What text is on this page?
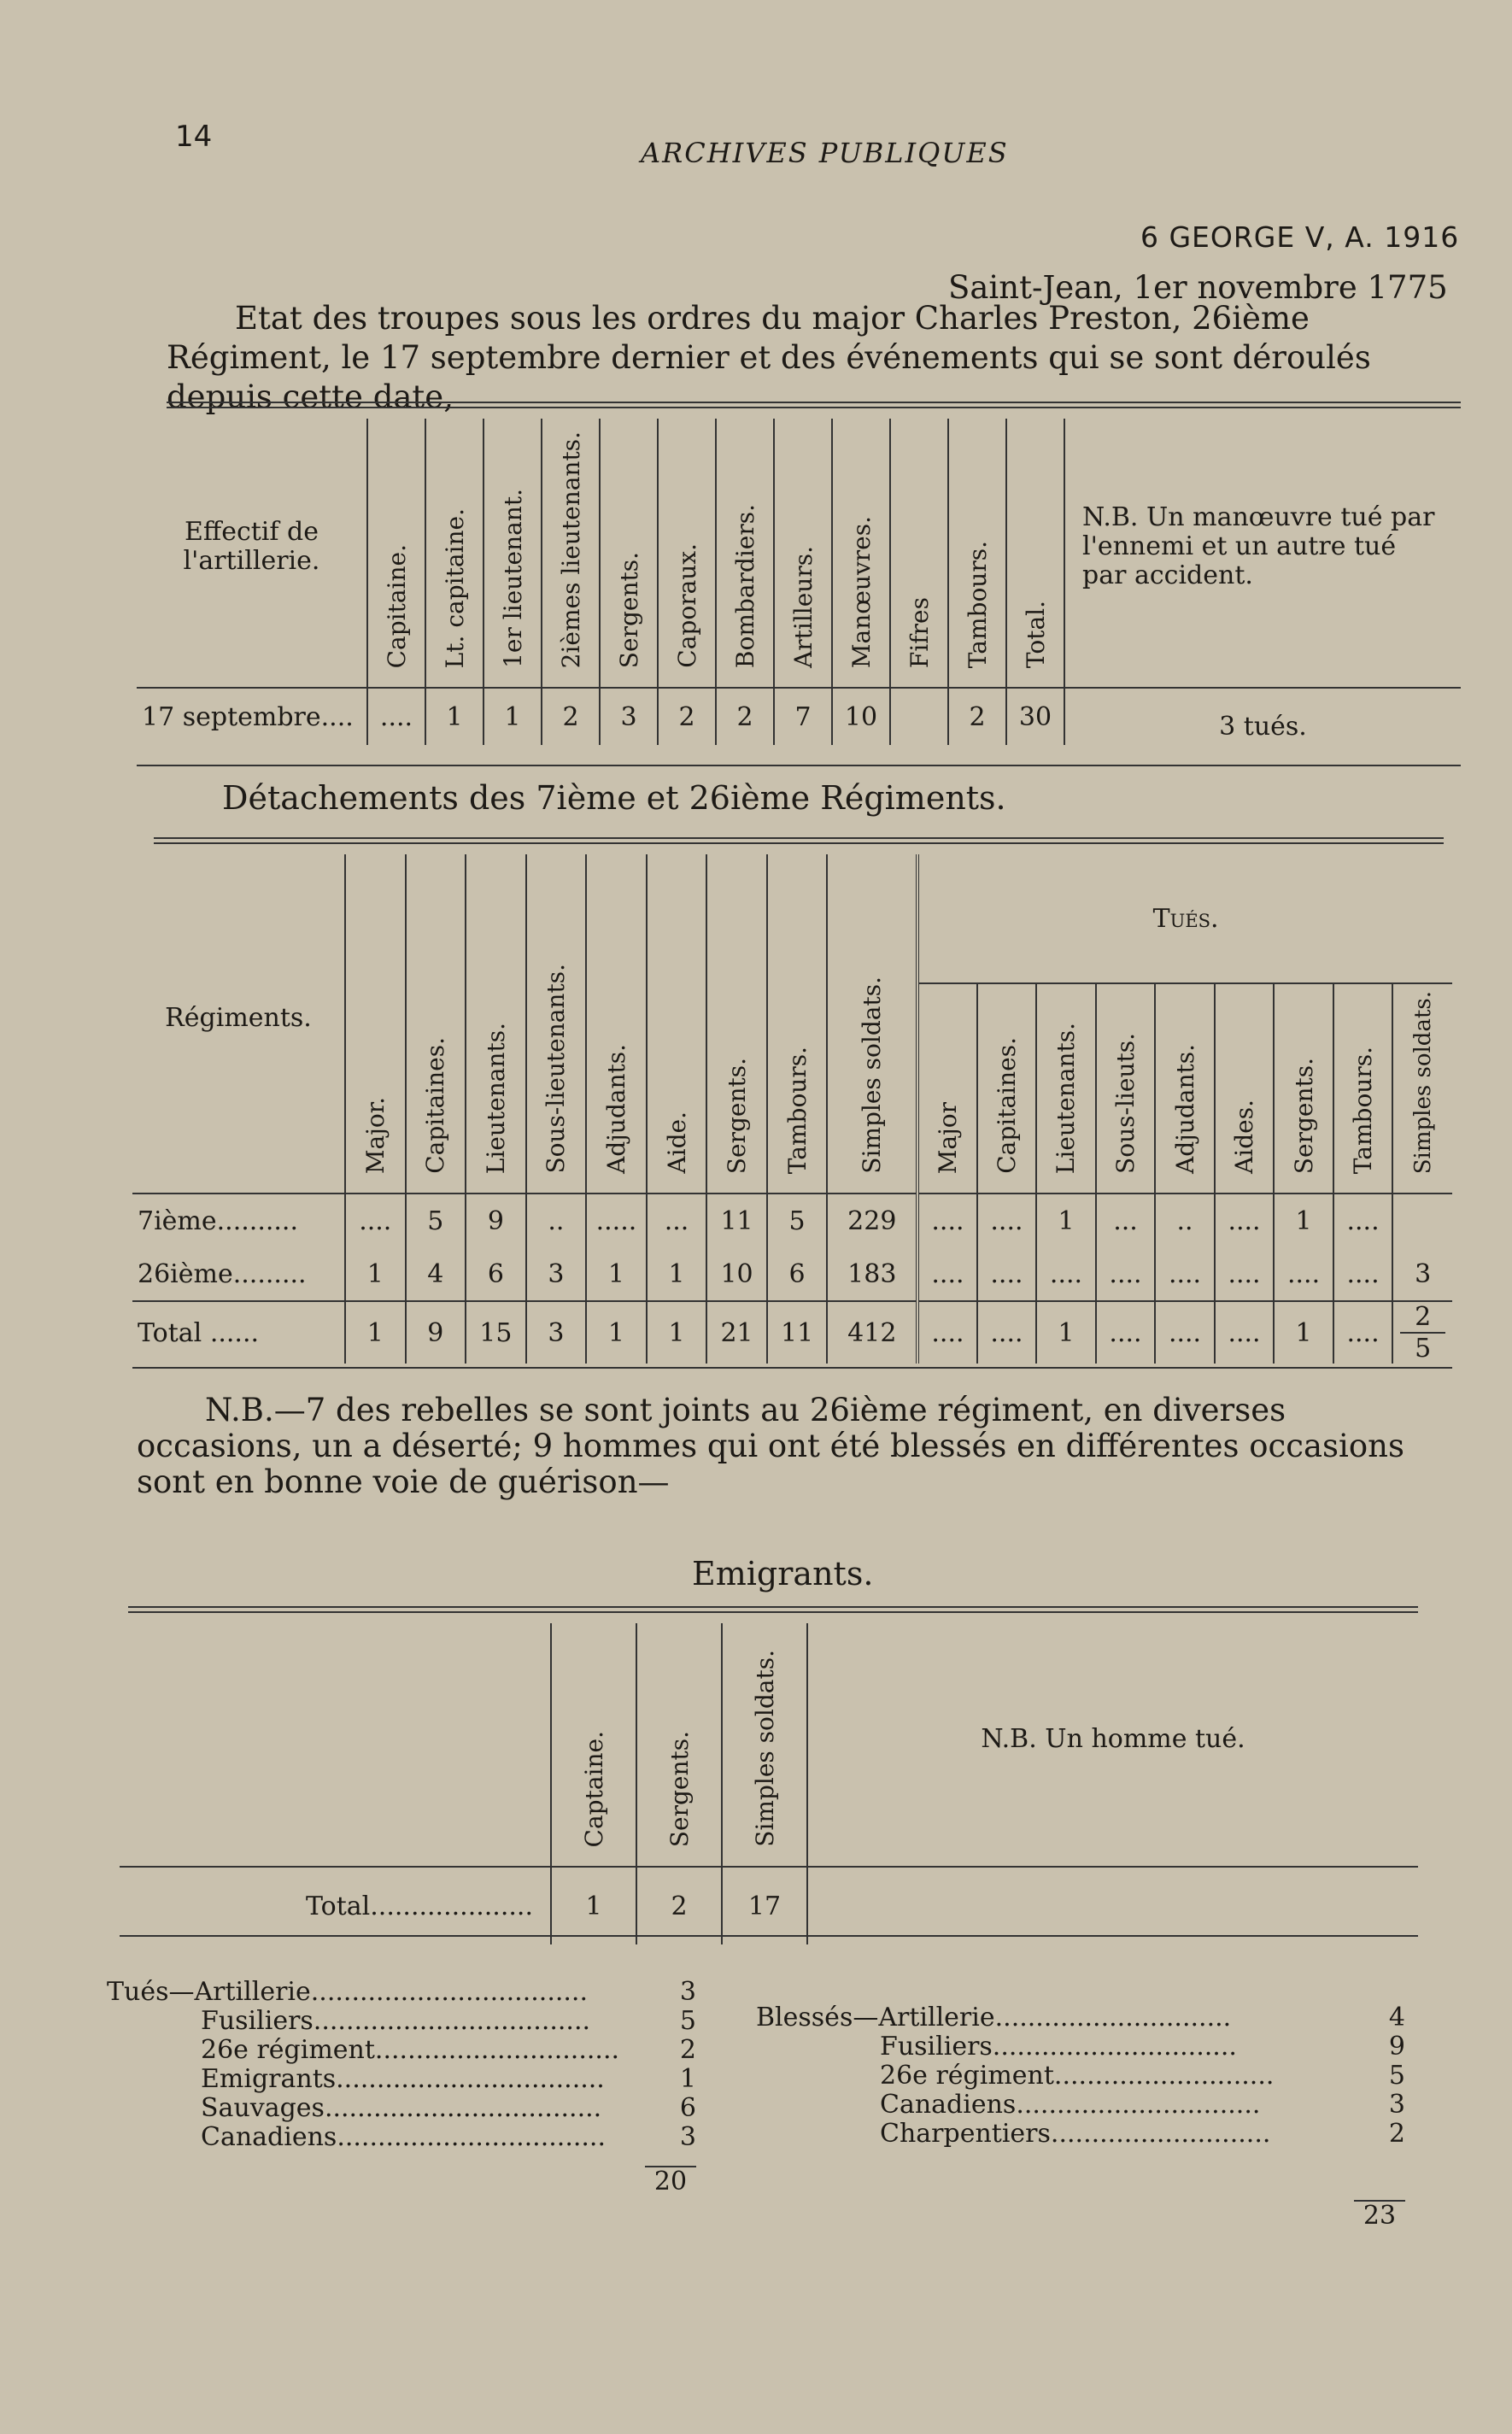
14	ARCHIVES PUBLIQUES
6 GEORGE V, A. 1916
Saint-Jean, 1er novembre 1775
Etat des troupes sous les ordres du major Charles Preston, 26ième Régiment, le 17 septembre dernier et des événements qui se sont déroulés depuis cette date,
Effectif de l'artillerie.	Capitaine.	Lt. capitaine.	1er lieutenant.	2ièmes lieutenants.	Sergents.	Caporaux.	Bombardiers.	Artilleurs.	Manœuvres.	Fifres	Tambours.	Total.	N.B. Un manœuvre tué par l'ennemi et un autre tué par accident.

17 septembre....	....	1	1	2	3	2	2	7	10		2	30	3 tués.
Détachements des 7ième et 26ième Régiments.
Régiments.	Major.	Capitaines.	Lieutenants.	Sous-lieutenants.	Adjudants.	Aide.	Sergents.	Tambours.	Simples soldats.	Tués.								
										Major	Capitaines.	Lieutenants.	Sous-lieuts.	Adjudants.	Aides.	Sergents.	Tambours.	Simples soldats.
7ième..........	....	5	9	..	.....	...	11	5	229	....	....	1	...	..	....	1	....	
26ième.........	1	4	6	3	1	1	10	6	183	....	....	....	....	....	....	....	....	3
Total ......	1	9	15	3	1	1	21	11	412	....	....	1	....	....	....	1	....	2
5
N.B.—7 des rebelles se sont joints au 26ième régiment, en diverses occasions, un a déserté; 9 hommes qui ont été blessés en différentes occasions sont en bonne voie de guérison—
Emigrants.
	Captaine.	Sergents.	Simples soldats.	N.B. Un homme tué.
Total....................	1	2	17	
Tués—Artillerie..................................	3
Fusiliers..................................	5
26e régiment..............................	2
Emigrants.................................	1
Sauvages..................................	6
Canadiens.................................	3
20
Blessés—Artillerie.............................	4
Fusiliers..............................	9
26e régiment...........................	5
Canadiens..............................	3
Charpentiers...........................	2
23
